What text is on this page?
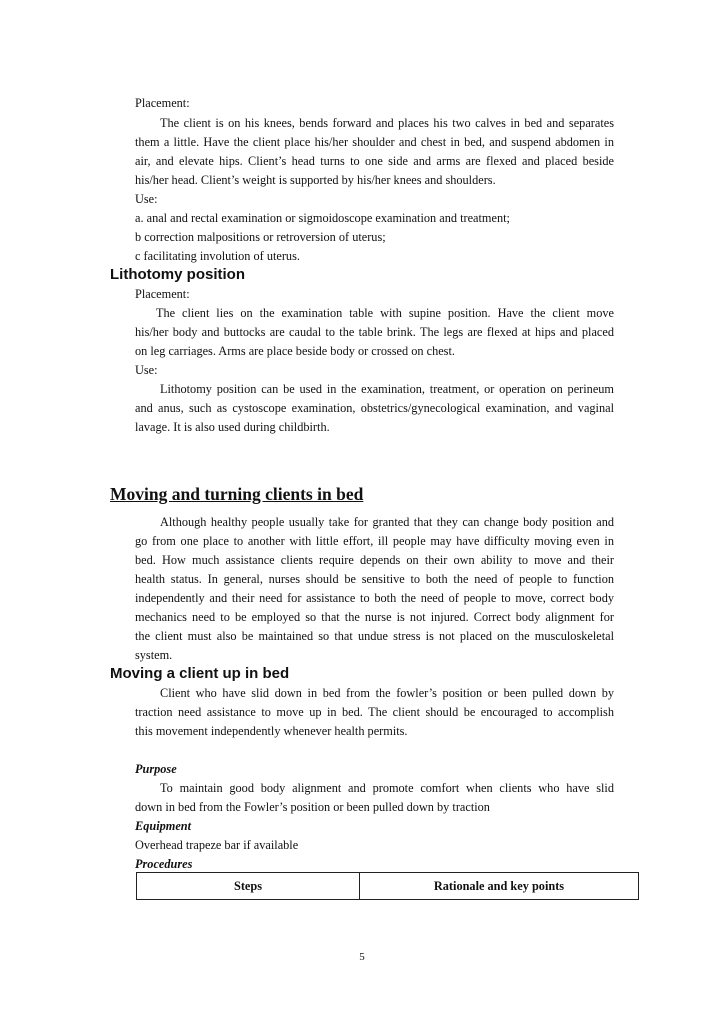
Placement:
The client is on his knees, bends forward and places his two calves in bed and separates
them a little. Have the client place his/her shoulder and chest in bed, and suspend abdomen in
air, and elevate hips. Client’s head turns to one side and arms are flexed and placed beside
his/her head. Client’s weight is supported by his/her knees and shoulders.
Use:
a. anal and rectal examination or sigmoidoscope examination and treatment;
b correction malpositions or retroversion of uterus;
c facilitating involution of uterus.
Lithotomy position
Placement:
The client lies on the examination table with supine position. Have the client move
his/her body and buttocks are caudal to the table brink. The legs are flexed at hips and placed
on leg carriages. Arms are place beside body or crossed on chest.
Use:
Lithotomy position can be used in the examination, treatment, or operation on perineum
and anus, such as cystoscope examination, obstetrics/gynecological examination, and vaginal
lavage. It is also used during childbirth.
Moving and turning clients in bed
Although healthy people usually take for granted that they can change body position and
go from one place to another with little effort, ill people may have difficulty moving even in
bed. How much assistance clients require depends on their own ability to move and their
health status. In general, nurses should be sensitive to both the need of people to function
independently and their need for assistance to both the need of people to move, correct body
mechanics need to be employed so that the nurse is not injured. Correct body alignment for
the client must also be maintained so that undue stress is not placed on the musculoskeletal
system.
Moving a client up in bed
Client who have slid down in bed from the fowler’s position or been pulled down by
traction need assistance to move up in bed. The client should be encouraged to accomplish
this movement independently whenever health permits.
Purpose
To maintain good body alignment and promote comfort when clients who have slid
down in bed from the Fowler’s position or been pulled down by traction
Equipment
Overhead trapeze bar if available
Procedures
Steps	Rationale and key points
5
